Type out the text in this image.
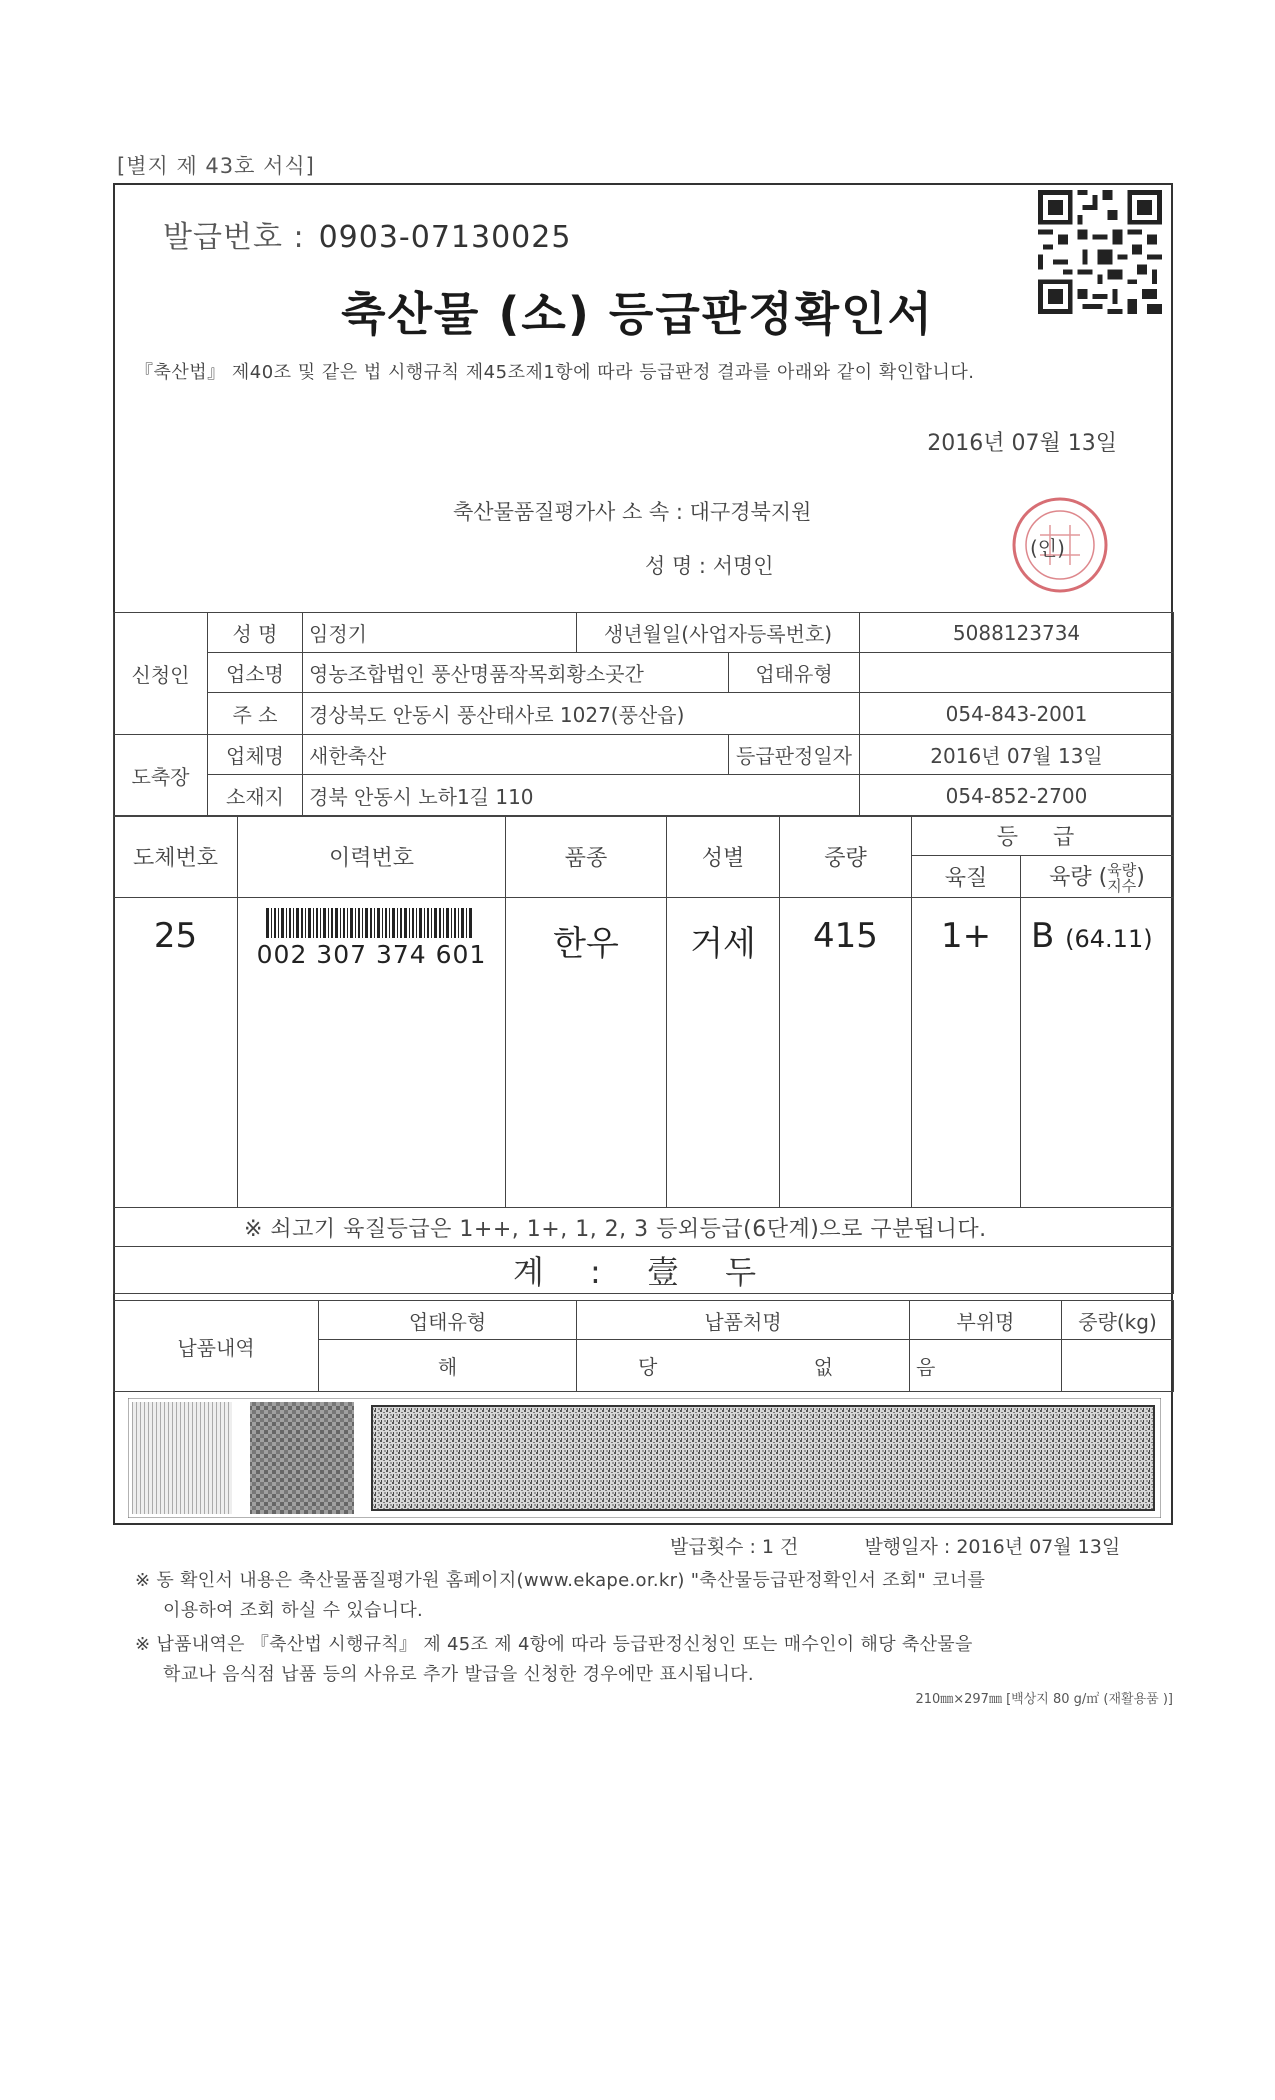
[별지 제 43호 서식]
발급번호 : 0903-07130025
축산물 (소) 등급판정확인서
『축산법』 제40조 및 같은 법 시행규칙 제45조제1항에 따라 등급판정 결과를 아래와 같이 확인합니다.
2016년 07월 13일
축산물품질평가사 소 속 : 대구경북지원
성 명 : 서명인
(인)
신청인	성 명	임정기	생년월일(사업자등록번호)		5088123734
	업소명	영농조합법인 풍산명품작목회황소곳간		업태유형	
	주 소	경상북도 안동시 풍산태사로 1027(풍산읍)			054-843-2001
도축장	업체명	새한축산		등급판정일자	2016년 07월 13일
	소재지	경북 안동시 노하1길 110			054-852-2700
도체번호	이력번호	품종	성별	중량	등 급	
					육질	육량 (육량
지수)
25	002 307 374 601	한우	거세	415	1+	B (64.11)
※ 쇠고기 육질등급은 1++, 1+, 1, 2, 3 등외등급(6단계)으로 구분됩니다.						
계 : 壹 두						
납품내역	업태유형	납품처명	부위명	중량(kg)
	해	당 없	음	
발급횟수 : 1 건	발행일자 : 2016년 07월 13일
※ 동 확인서 내용은 축산물품질평가원 홈페이지(www.ekape.or.kr) "축산물등급판정확인서 조회" 코너를
이용하여 조회 하실 수 있습니다.
※ 납품내역은 『축산법 시행규칙』 제 45조 제 4항에 따라 등급판정신청인 또는 매수인이 해당 축산물을
학교나 음식점 납품 등의 사유로 추가 발급을 신청한 경우에만 표시됩니다.
210㎜×297㎜ [백상지 80 g/㎡ (재활용품 )]
